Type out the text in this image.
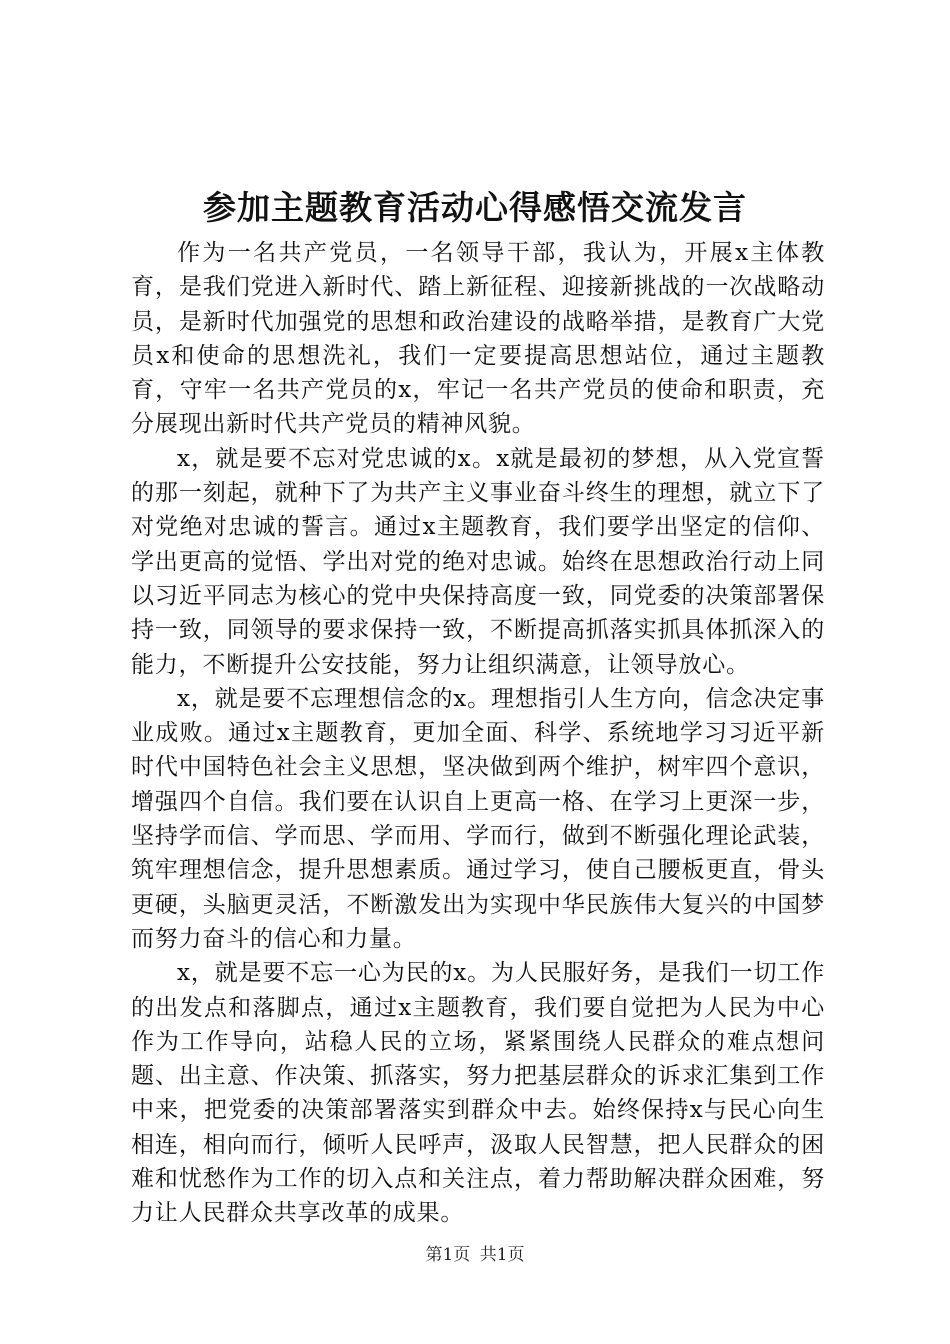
参加主题教育活动心得感悟交流发言

作为一名共产党员，一名领导干部，我认为，开展x主体教育，是我们党进入新时代、踏上新征程、迎接新挑战的一次战略动员，是新时代加强党的思想和政治建设的战略举措，是教育广大党员x和使命的思想洗礼，我们一定要提高思想站位，通过主题教育，守牢一名共产党员的x，牢记一名共产党员的使命和职责，充分展现出新时代共产党员的精神风貌。

x，就是要不忘对党忠诚的x。x就是最初的梦想，从入党宣誓的那一刻起，就种下了为共产主义事业奋斗终生的理想，就立下了对党绝对忠诚的誓言。通过x主题教育，我们要学出坚定的信仰、学出更高的觉悟、学出对党的绝对忠诚。始终在思想政治行动上同以习近平同志为核心的党中央保持高度一致，同党委的决策部署保持一致，同领导的要求保持一致，不断提高抓落实抓具体抓深入的能力，不断提升公安技能，努力让组织满意，让领导放心。

x，就是要不忘理想信念的x。理想指引人生方向，信念决定事业成败。通过x主题教育，更加全面、科学、系统地学习习近平新时代中国特色社会主义思想，坚决做到两个维护，树牢四个意识，增强四个自信。我们要在认识自上更高一格、在学习上更深一步，坚持学而信、学而思、学而用、学而行，做到不断强化理论武装，筑牢理想信念，提升思想素质。通过学习，使自己腰板更直，骨头更硬，头脑更灵活，不断激发出为实现中华民族伟大复兴的中国梦而努力奋斗的信心和力量。

x，就是要不忘一心为民的x。为人民服好务，是我们一切工作的出发点和落脚点，通过x主题教育，我们要自觉把为人民为中心作为工作导向，站稳人民的立场，紧紧围绕人民群众的难点想问题、出主意、作决策、抓落实，努力把基层群众的诉求汇集到工作中来，把党委的决策部署落实到群众中去。始终保持x与民心向生相连，相向而行，倾听人民呼声，汲取人民智慧，把人民群众的困难和忧愁作为工作的切入点和关注点，着力帮助解决群众困难，努力让人民群众共享改革的成果。

第1页 共1页
